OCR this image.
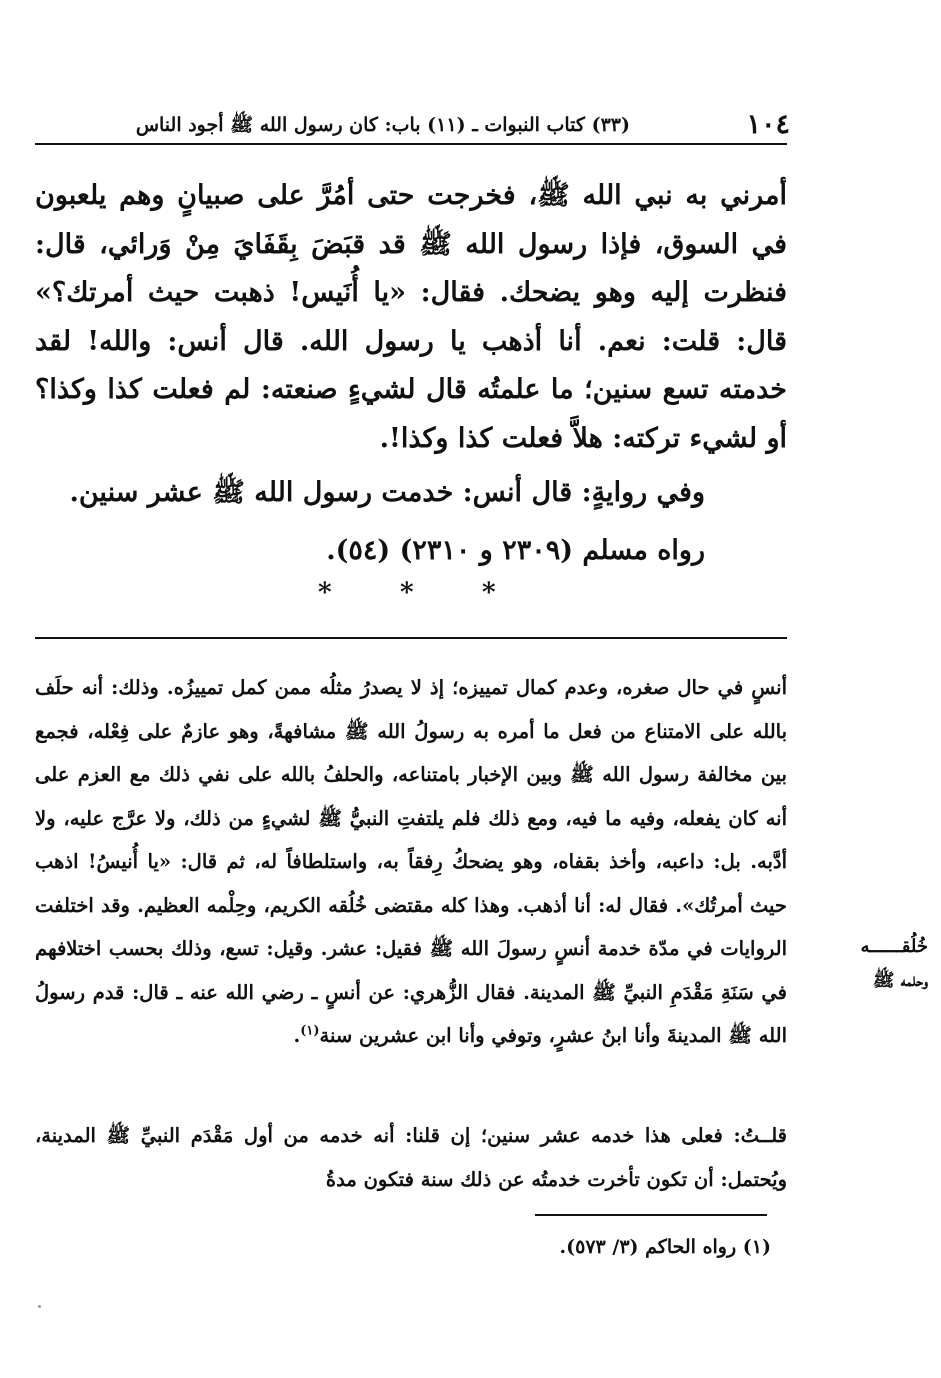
١٠٤
(٣٣) كتاب النبوات ـ (١١) باب: كان رسول الله ﷺ أجود الناس

أمرني به نبي الله ﷺ، فخرجت حتى أمُرَّ على صبيانٍ وهم يلعبون في السوق، فإذا رسول الله ﷺ قد قبَضَ بِقَفَايَ مِنْ وَرائي، قال: فنظرت إليه وهو يضحك. فقال: «يا أُنَيس! ذهبت حيث أمرتك؟» قال: قلت: نعم. أنا أذهب يا رسول الله. قال أنس: والله! لقد خدمته تسع سنين؛ ما علمتُه قال لشيءٍ صنعته: لم فعلت كذا وكذا؟ أو لشيء تركته: هلاَّ فعلت كذا وكذا!.

وفي روايةٍ: قال أنس: خدمت رسول الله ﷺ عشر سنين.
رواه مسلم (٢٣٠٩ و ٢٣١٠) (٥٤).
*	*	*

أنسٍ في حال صغره، وعدم كمال تمييزه؛ إذ لا يصدرُ مثلُه ممن كمل تمييزُه. وذلك: أنه حلَف بالله على الامتناع من فعل ما أمره به رسولُ الله ﷺ مشافهةً، وهو عازمٌ على فِعْله، فجمع بين مخالفة رسول الله ﷺ وبين الإخبار بامتناعه، والحلفُ بالله على نفي ذلك مع العزم على أنه كان يفعله، وفيه ما فيه، ومع ذلك فلم يلتفتِ النبيُّ ﷺ لشيءٍ من ذلك، ولا عرَّج عليه، ولا أدَّبه. بل: داعبه، وأخذ بقفاه، وهو يضحكُ رِفقاً به، واستلطافاً له، ثم قال: «يا أُنيسُ! اذهب حيث أمرتُك». فقال له: أنا أذهب. وهذا كله مقتضى خُلُقه الكريم، وحِلْمه العظيم. وقد اختلفت الروايات في مدّة خدمة أنسٍ رسولَ الله ﷺ فقيل: عشر. وقيل: تسع، وذلك بحسب اختلافهم في سَنَةِ مَقْدَمِ النبيِّ ﷺ المدينة. فقال الزُّهري: عن أنسٍ ـ رضي الله عنه ـ قال: قدم رسولُ الله ﷺ المدينةَ وأنا ابنُ عشرٍ، وتوفي وأنا ابن عشرين سنة$^{(١)}$.

قلــتُ: فعلى هذا خدمه عشر سنين؛ إن قلنا: أنه خدمه من أول مَقْدَم النبيِّ ﷺ المدينة، ويُحتمل: أن تكون تأخرت خدمتُه عن ذلك سنة فتكون مدةُ

خُلُقــــــه
وحلمه ﷺ
(١) رواه الحاكم (٣/ ٥٧٣).
